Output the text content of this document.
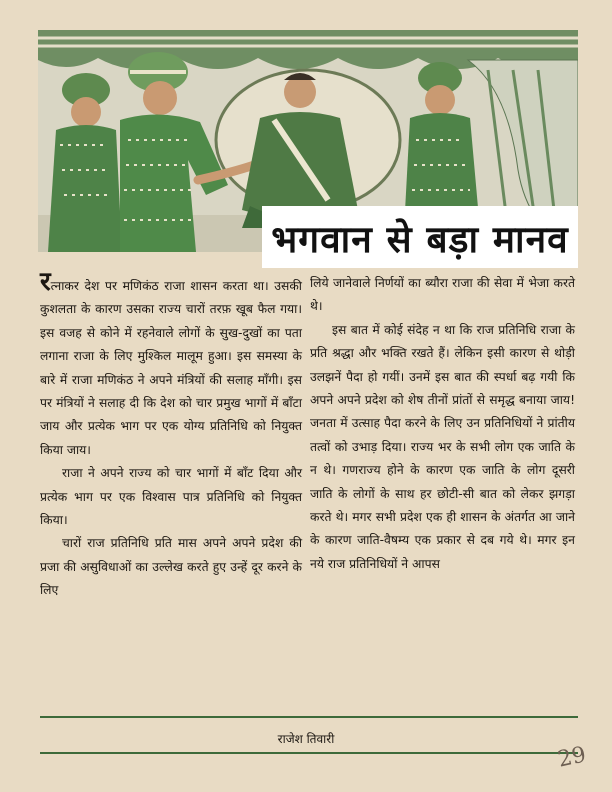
भगवान से बड़ा मानव

रत्नाकर देश पर मणिकंठ राजा शासन करता था। उसकी कुशलता के कारण उसका राज्य चारों तरफ़ खूब फैल गया। इस वजह से कोने में रहनेवाले लोगों के सुख-दुखों का पता लगाना राजा के लिए मुश्किल मालूम हुआ। इस समस्या के बारे में राजा मणिकंठ ने अपने मंत्रियों की सलाह माँगी। इस पर मंत्रियों ने सलाह दी कि देश को चार प्रमुख भागों में बाँटा जाय और प्रत्येक भाग पर एक योग्य प्रतिनिधि को नियुक्त किया जाय।

राजा ने अपने राज्य को चार भागों में बाँट दिया और प्रत्येक भाग पर एक विश्वास पात्र प्रतिनिधि को नियुक्त किया।

चारों राज प्रतिनिधि प्रति मास अपने अपने प्रदेश की प्रजा की असुविधाओं का उल्लेख करते हुए उन्हें दूर करने के लिए

लिये जानेवाले निर्णयों का ब्यौरा राजा की सेवा में भेजा करते थे।

इस बात में कोई संदेह न था कि राज प्रतिनिधि राजा के प्रति श्रद्धा और भक्ति रखते हैं। लेकिन इसी कारण से थोड़ी उलझनें पैदा हो गयीं। उनमें इस बात की स्पर्धा बढ़ गयी कि अपने अपने प्रदेश को शेष तीनों प्रांतों से समृद्ध बनाया जाय! जनता में उत्साह पैदा करने के लिए उन प्रतिनिधियों ने प्रांतीय तत्वों को उभाड़ दिया। राज्य भर के सभी लोग एक जाति के न थे। गणराज्य होने के कारण एक जाति के लोग दूसरी जाति के लोगों के साथ हर छोटी-सी बात को लेकर झगड़ा करते थे। मगर सभी प्रदेश एक ही शासन के अंतर्गत आ जाने के कारण जाति-वैषम्य एक प्रकार से दब गये थे। मगर इन नये राज प्रतिनिधियों ने आपस

राजेश तिवारी
29
